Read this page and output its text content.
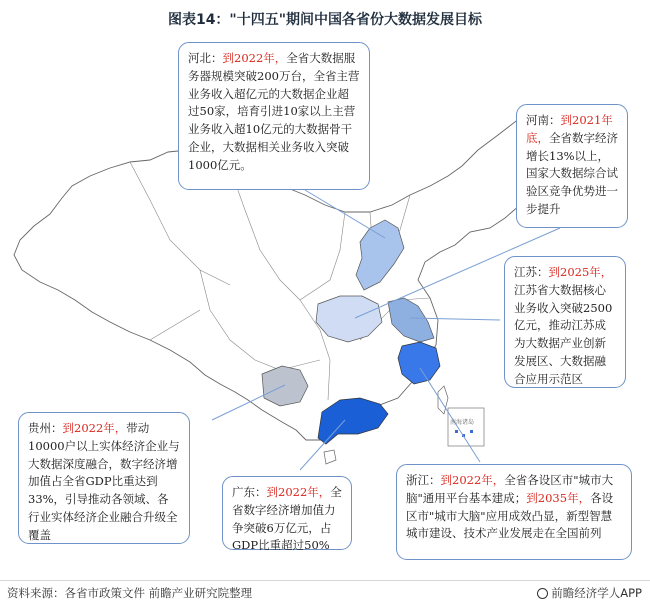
图表14："十四五"期间中国各省份大数据发展目标
南海诸岛
河北：到2022年，全省大数据服务器规模突破200万台，全省主营业务收入超亿元的大数据企业超过50家，培育引进10家以上主营业务收入超10亿元的大数据骨干企业，大数据相关业务收入突破1000亿元。
河南：到2021年底，全省数字经济增长13%以上，国家大数据综合试验区竞争优势进一步提升
江苏：到2025年，江苏省大数据核心业务收入突破2500亿元，推动江苏成为大数据产业创新发展区、大数据融合应用示范区
贵州：到2022年，带动10000户以上实体经济企业与大数据深度融合，数字经济增加值占全省GDP比重达到33%，引导推动各领域、各行业实体经济企业融合升级全覆盖
广东：到2022年，全省数字经济增加值力争突破6万亿元，占GDP比重超过50%
浙江：到2022年，全省各设区市"城市大脑"通用平台基本建成；到2035年，各设区市"城市大脑"应用成效凸显，新型智慧城市建设、技术产业发展走在全国前列
资料来源：各省市政策文件 前瞻产业研究院整理	前瞻经济学人APP
